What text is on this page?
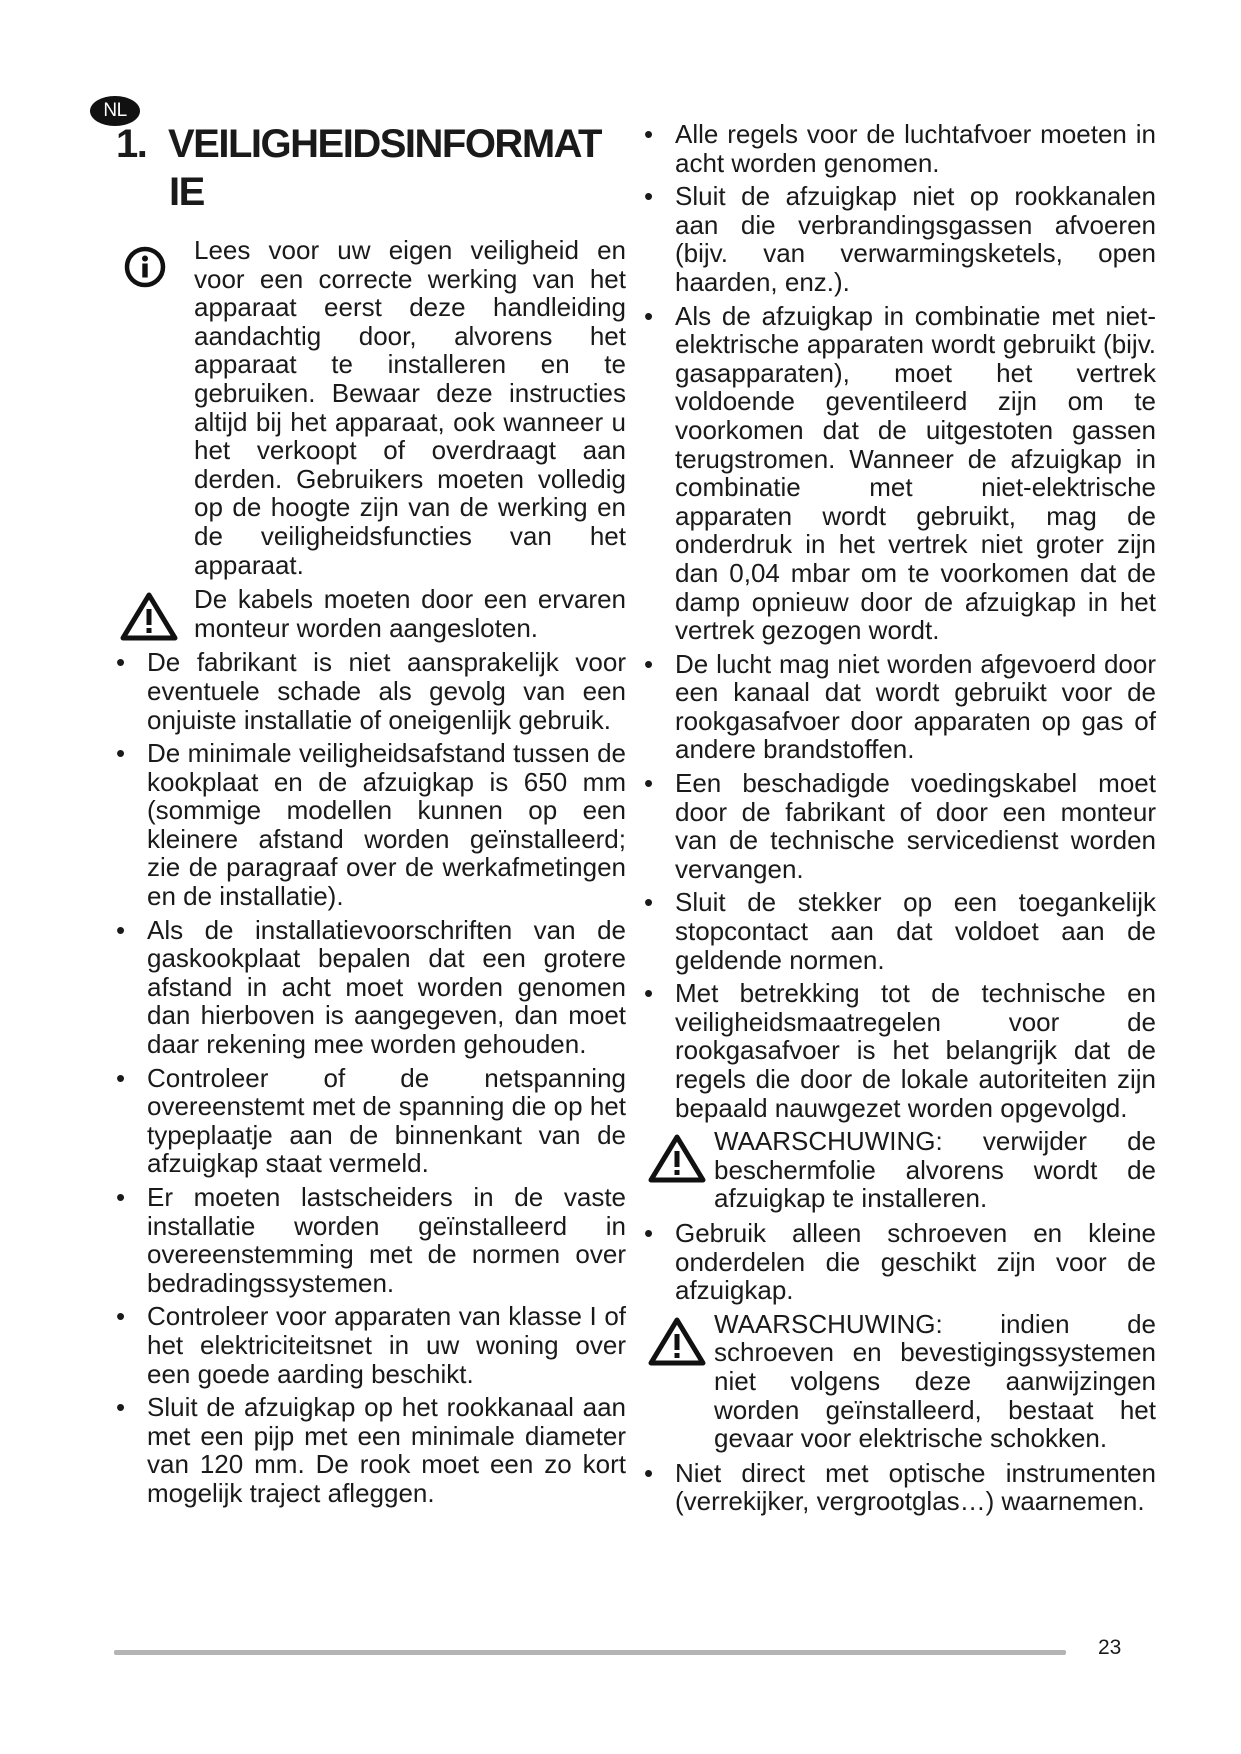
NL
1. VEILIGHEIDSINFORMAT
IE

Lees voor uw eigen veiligheid en voor een correcte werking van het apparaat eerst deze handleiding aandachtig door, alvorens het apparaat te installeren en te gebruiken. Bewaar deze instructies altijd bij het apparaat, ook wanneer u het verkoopt of overdraagt aan derden. Gebruikers moeten volledig op de hoogte zijn van de werking en de veiligheidsfuncties van het apparaat.

De kabels moeten door een ervaren monteur worden aangesloten.

• De fabrikant is niet aansprakelijk voor eventuele schade als gevolg van een onjuiste installatie of oneigenlijk gebruik.
• De minimale veiligheidsafstand tussen de kookplaat en de afzuigkap is 650 mm (sommige modellen kunnen op een kleinere afstand worden geïnstalleerd; zie de paragraaf over de werkafmetingen en de installatie).
• Als de installatievoorschriften van de gaskookplaat bepalen dat een grotere afstand in acht moet worden genomen dan hierboven is aangegeven, dan moet daar rekening mee worden gehouden.
• Controleer of de netspanning overeenstemt met de spanning die op het typeplaatje aan de binnenkant van de afzuigkap staat vermeld.
• Er moeten lastscheiders in de vaste installatie worden geïnstalleerd in overeenstemming met de normen over bedradingssystemen.
• Controleer voor apparaten van klasse I of het elektriciteitsnet in uw woning over een goede aarding beschikt.
• Sluit de afzuigkap op het rookkanaal aan met een pijp met een minimale diameter van 120 mm. De rook moet een zo kort mogelijk traject afleggen.
• Alle regels voor de luchtafvoer moeten in acht worden genomen.
• Sluit de afzuigkap niet op rookkanalen aan die verbrandingsgassen afvoeren (bijv. van verwarmingsketels, open haarden, enz.).
• Als de afzuigkap in combinatie met niet-elektrische apparaten wordt gebruikt (bijv. gasapparaten), moet het vertrek voldoende geventileerd zijn om te voorkomen dat de uitgestoten gassen terugstromen. Wanneer de afzuigkap in combinatie met niet-elektrische apparaten wordt gebruikt, mag de onderdruk in het vertrek niet groter zijn dan 0,04 mbar om te voorkomen dat de damp opnieuw door de afzuigkap in het vertrek gezogen wordt.
• De lucht mag niet worden afgevoerd door een kanaal dat wordt gebruikt voor de rookgasafvoer door apparaten op gas of andere brandstoffen.
• Een beschadigde voedingskabel moet door de fabrikant of door een monteur van de technische servicedienst worden vervangen.
• Sluit de stekker op een toegankelijk stopcontact aan dat voldoet aan de geldende normen.
• Met betrekking tot de technische en veiligheidsmaatregelen voor de rookgasafvoer is het belangrijk dat de regels die door de lokale autoriteiten zijn bepaald nauwgezet worden opgevolgd.

WAARSCHUWING: verwijder de beschermfolie alvorens wordt de afzuigkap te installeren.

• Gebruik alleen schroeven en kleine onderdelen die geschikt zijn voor de afzuigkap.

WAARSCHUWING: indien de schroeven en bevestigingssystemen niet volgens deze aanwijzingen worden geïnstalleerd, bestaat het gevaar voor elektrische schokken.

• Niet direct met optische instrumenten (verrekijker, vergrootglas…) waarnemen.
23
